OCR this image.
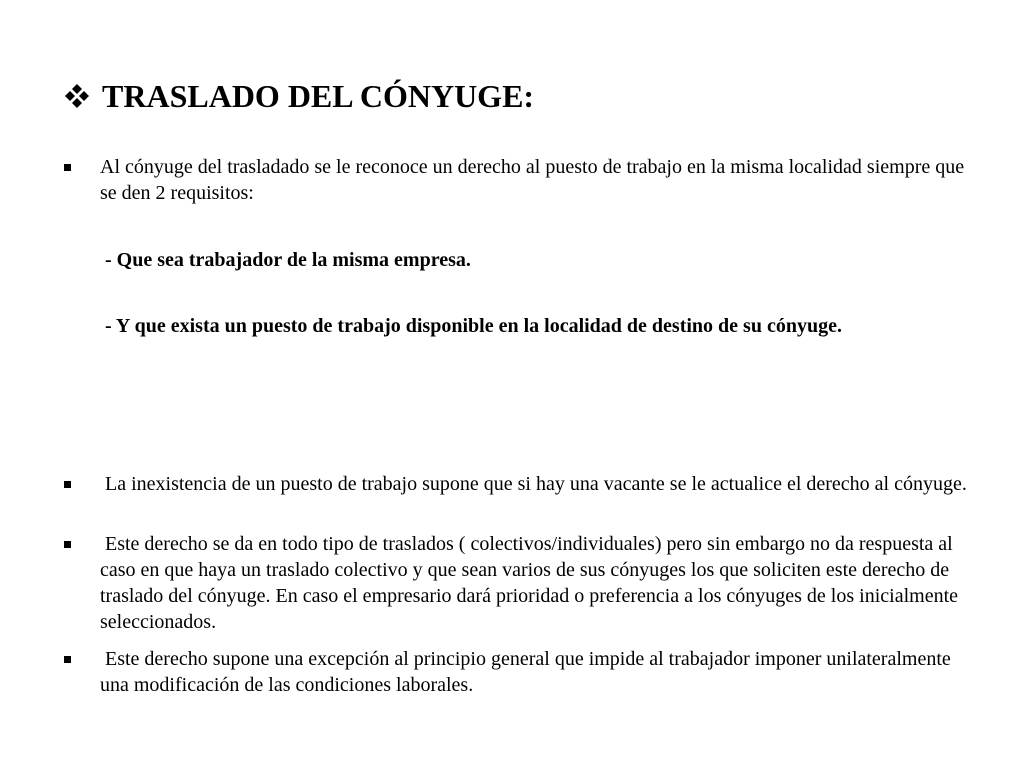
TRASLADO DEL CÓNYUGE:
Al cónyuge del trasladado se le reconoce un derecho al puesto de trabajo en la misma localidad siempre que se den 2 requisitos:
- Que sea trabajador de la misma empresa.
- Y que exista un puesto de trabajo disponible en la localidad de destino de su cónyuge.
La inexistencia de un puesto de trabajo supone que si hay una vacante se le actualice el derecho al cónyuge.
Este derecho se da en todo tipo de traslados ( colectivos/individuales) pero sin embargo no da respuesta al caso en que haya un traslado colectivo y que sean varios de sus cónyuges los que soliciten este derecho de traslado del cónyuge. En caso el empresario dará prioridad o preferencia a los cónyuges de los inicialmente seleccionados.
Este derecho supone una excepción al principio general que impide al trabajador imponer unilateralmente una modificación de las condiciones laborales.
